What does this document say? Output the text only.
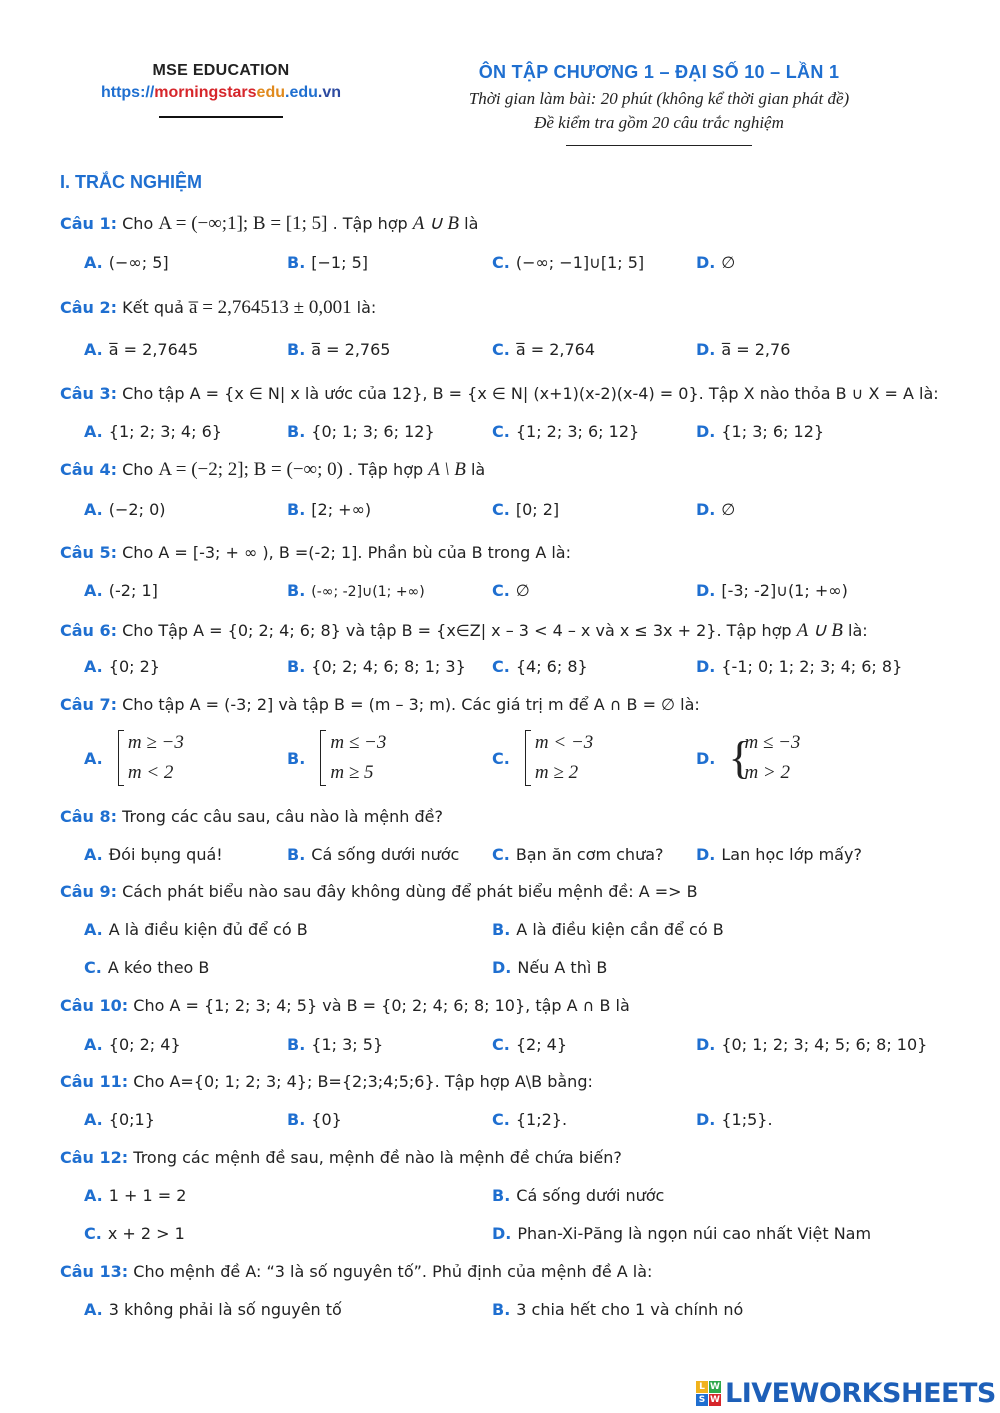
MSE EDUCATION
https://morningstarsedu.edu.vn
ÔN TẬP CHƯƠNG 1 – ĐẠI SỐ 10 – LẦN 1
Thời gian làm bài: 20 phút (không kể thời gian phát đề)
Đề kiểm tra gồm 20 câu trắc nghiệm
I. TRẮC NGHIỆM
Câu 1: Cho A = (−∞;1]; B = [1; 5] . Tập hợp A ∪ B là
A. (−∞; 5]	B. [−1; 5]	C. (−∞; −1]∪[1; 5]	D. ∅
Câu 2: Kết quả a̅ = 2,764513 ± 0,001 là:
A. a̅ = 2,7645	B. a̅ = 2,765	C. a̅ = 2,764	D. a̅ = 2,76
Câu 3: Cho tập A = {x ∈ N| x là ước của 12}, B = {x ∈ N| (x+1)(x-2)(x-4) = 0}. Tập X nào thỏa B ∪ X = A là:
A. {1; 2; 3; 4; 6}	B. {0; 1; 3; 6; 12}	C. {1; 2; 3; 6; 12}	D. {1; 3; 6; 12}
Câu 4: Cho A = (−2; 2]; B = (−∞; 0) . Tập hợp A \ B là
A. (−2; 0)	B. [2; +∞)	C. [0; 2]	D. ∅
Câu 5: Cho A = [-3; + ∞ ), B =(-2; 1]. Phần bù của B trong A là:
A. (-2; 1]	B. (-∞; -2]∪(1; +∞)	C. ∅	D. [-3; -2]∪(1; +∞)
Câu 6: Cho Tập A = {0; 2; 4; 6; 8} và tập B = {x∈Z| x – 3 < 4 – x và x ≤ 3x + 2}. Tập hợp A ∪ B là:
A. {0; 2}	B. {0; 2; 4; 6; 8; 1; 3} C. {4; 6; 8}	D. {-1; 0; 1; 2; 3; 4; 6; 8}
Câu 7: Cho tập A = (-3; 2] và tập B = (m – 3; m). Các giá trị m để A ∩ B = ∅ là:
A.
m ≥ −3
m < 2
B.
m ≤ −3
m ≥ 5
C.
m < −3
m ≥ 2
D. {
m ≤ −3
m > 2
Câu 8: Trong các câu sau, câu nào là mệnh đề?
A. Đói bụng quá!	B. Cá sống dưới nước C. Bạn ăn cơm chưa? D. Lan học lớp mấy?
Câu 9: Cách phát biểu nào sau đây không dùng để phát biểu mệnh đề: A => B
A. A là điều kiện đủ để có B	B. A là điều kiện cần để có B
C. A kéo theo B	D. Nếu A thì B
Câu 10: Cho A = {1; 2; 3; 4; 5} và B = {0; 2; 4; 6; 8; 10}, tập A ∩ B là
A. {0; 2; 4}	B. {1; 3; 5}	C. {2; 4}	D. {0; 1; 2; 3; 4; 5; 6; 8; 10}
Câu 11: Cho A={0; 1; 2; 3; 4}; B={2;3;4;5;6}. Tập hợp A\B bằng:
A. {0;1}	B. {0}	C. {1;2}.	D. {1;5}.
Câu 12: Trong các mệnh đề sau, mệnh đề nào là mệnh đề chứa biến?
A. 1 + 1 = 2	B. Cá sống dưới nước
C. x + 2 > 1	D. Phan-Xi-Păng là ngọn núi cao nhất Việt Nam
Câu 13: Cho mệnh đề A: “3 là số nguyên tố”. Phủ định của mệnh đề A là:
A. 3 không phải là số nguyên tố	B. 3 chia hết cho 1 và chính nó
L W
S W LIVEWORKSHEETS
